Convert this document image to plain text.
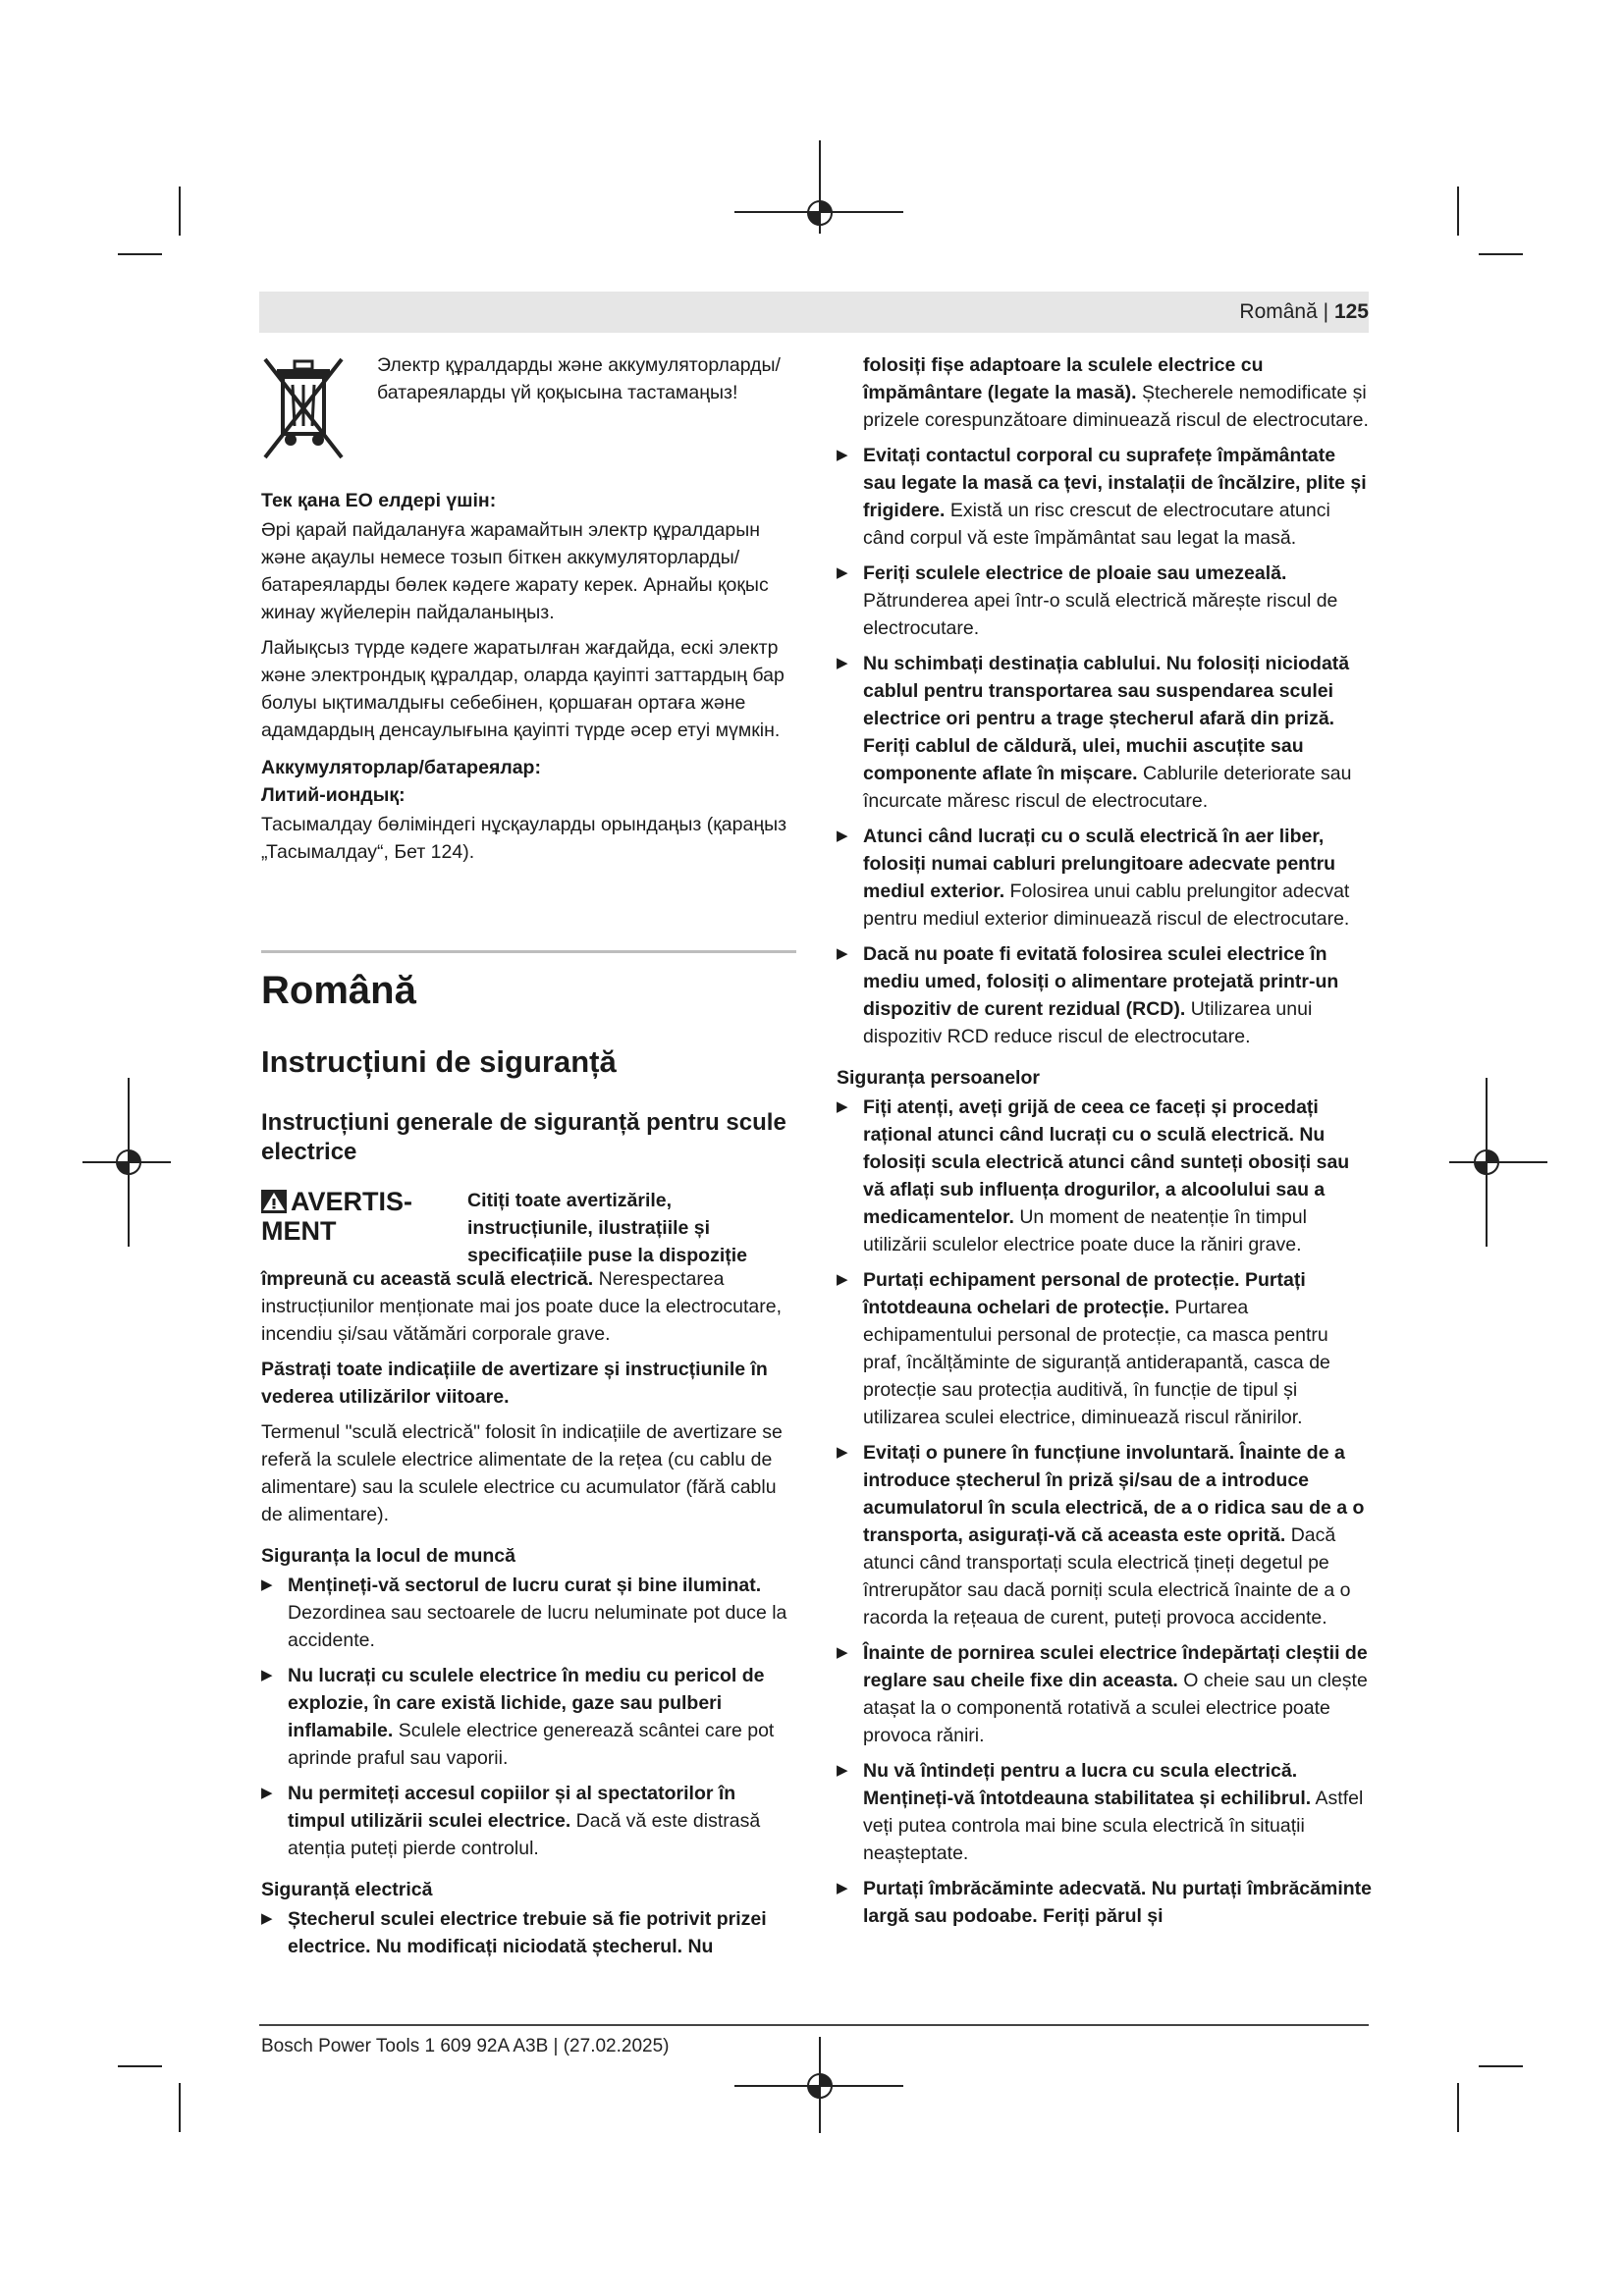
Română | 125

Электр құралдарды және аккумуляторларды/батареяларды үй қоқысына тастамаңыз!

Тек қана ЕО елдері үшін:

Әрі қарай пайдалануға жарамайтын электр құралдарын және ақаулы немесе тозып біткен аккумуляторларды/батареяларды бөлек кәдеге жарату керек. Арнайы қоқыс жинау жүйелерін пайдаланыңыз.

Лайықсыз түрде кәдеге жаратылған жағдайда, ескі электр және электрондық құралдар, оларда қауіпті заттардың бар болуы ықтималдығы себебінен, қоршаған ортаға және адамдардың денсаулығына қауіпті түрде әсер етуі мүмкін.

Аккумуляторлар/батареялар:
Литий-иондық:

Тасымалдау бөліміндегі нұсқауларды орындаңыз (қараңыз „Тасымалдау“, Бет 124).

Română
Instrucțiuni de siguranță
Instrucțiuni generale de siguranță pentru scule electrice
AVERTIS-
MENT
Citiți toate avertizările, instrucțiunile, ilustrațiile și specificațiile puse la dispoziție

împreună cu această sculă electrică. Nerespectarea instrucțiunilor menționate mai jos poate duce la electrocutare, incendiu și/sau vătămări corporale grave.

Păstrați toate indicațiile de avertizare și instrucțiunile în vederea utilizărilor viitoare.

Termenul "sculă electrică" folosit în indicațiile de avertizare se referă la sculele electrice alimentate de la rețea (cu cablu de alimentare) sau la sculele electrice cu acumulator (fără cablu de alimentare).

Siguranța la locul de muncă
▶ Mențineți-vă sectorul de lucru curat și bine iluminat. Dezordinea sau sectoarele de lucru neluminate pot duce la accidente.
▶ Nu lucrați cu sculele electrice în mediu cu pericol de explozie, în care există lichide, gaze sau pulberi inflamabile. Sculele electrice generează scântei care pot aprinde praful sau vaporii.
▶ Nu permiteți accesul copiilor și al spectatorilor în timpul utilizării sculei electrice. Dacă vă este distrasă atenția puteți pierde controlul.
Siguranță electrică
▶ Ștecherul sculei electrice trebuie să fie potrivit prizei electrice. Nu modificați niciodată ștecherul. Nu
folosiți fișe adaptoare la sculele electrice cu împământare (legate la masă). Ștecherele nemodificate și prizele corespunzătoare diminuează riscul de electrocutare.
▶ Evitați contactul corporal cu suprafețe împământate sau legate la masă ca țevi, instalații de încălzire, plite și frigidere. Există un risc crescut de electrocutare atunci când corpul vă este împământat sau legat la masă.
▶ Feriți sculele electrice de ploaie sau umezeală. Pătrunderea apei într-o sculă electrică mărește riscul de electrocutare.
▶ Nu schimbați destinația cablului. Nu folosiți niciodată cablul pentru transportarea sau suspendarea sculei electrice ori pentru a trage ștecherul afară din priză. Feriți cablul de căldură, ulei, muchii ascuțite sau componente aflate în mișcare. Cablurile deteriorate sau încurcate măresc riscul de electrocutare.
▶ Atunci când lucrați cu o sculă electrică în aer liber, folosiți numai cabluri prelungitoare adecvate pentru mediul exterior. Folosirea unui cablu prelungitor adecvat pentru mediul exterior diminuează riscul de electrocutare.
▶ Dacă nu poate fi evitată folosirea sculei electrice în mediu umed, folosiți o alimentare protejată printr-un dispozitiv de curent rezidual (RCD). Utilizarea unui dispozitiv RCD reduce riscul de electrocutare.
Siguranța persoanelor
▶ Fiți atenți, aveți grijă de ceea ce faceți și procedați rațional atunci când lucrați cu o sculă electrică. Nu folosiți scula electrică atunci când sunteți obosiți sau vă aflați sub influența drogurilor, a alcoolului sau a medicamentelor. Un moment de neatenție în timpul utilizării sculelor electrice poate duce la răniri grave.
▶ Purtați echipament personal de protecție. Purtați întotdeauna ochelari de protecție. Purtarea echipamentului personal de protecție, ca masca pentru praf, încălțăminte de siguranță antiderapantă, casca de protecție sau protecția auditivă, în funcție de tipul și utilizarea sculei electrice, diminuează riscul rănirilor.
▶ Evitați o punere în funcțiune involuntară. Înainte de a introduce ștecherul în priză și/sau de a introduce acumulatorul în scula electrică, de a o ridica sau de a o transporta, asigurați-vă că aceasta este oprită. Dacă atunci când transportați scula electrică țineți degetul pe întrerupător sau dacă porniți scula electrică înainte de a o racorda la rețeaua de curent, puteți provoca accidente.
▶ Înainte de pornirea sculei electrice îndepărtați cleștii de reglare sau cheile fixe din aceasta. O cheie sau un clește atașat la o componentă rotativă a sculei electrice poate provoca răniri.
▶ Nu vă întindeți pentru a lucra cu scula electrică. Mențineți-vă întotdeauna stabilitatea și echilibrul. Astfel veți putea controla mai bine scula electrică în situații neașteptate.
▶ Purtați îmbrăcăminte adecvată. Nu purtați îmbrăcăminte largă sau podoabe. Feriți părul și
Bosch Power Tools 1 609 92A A3B | (27.02.2025)
